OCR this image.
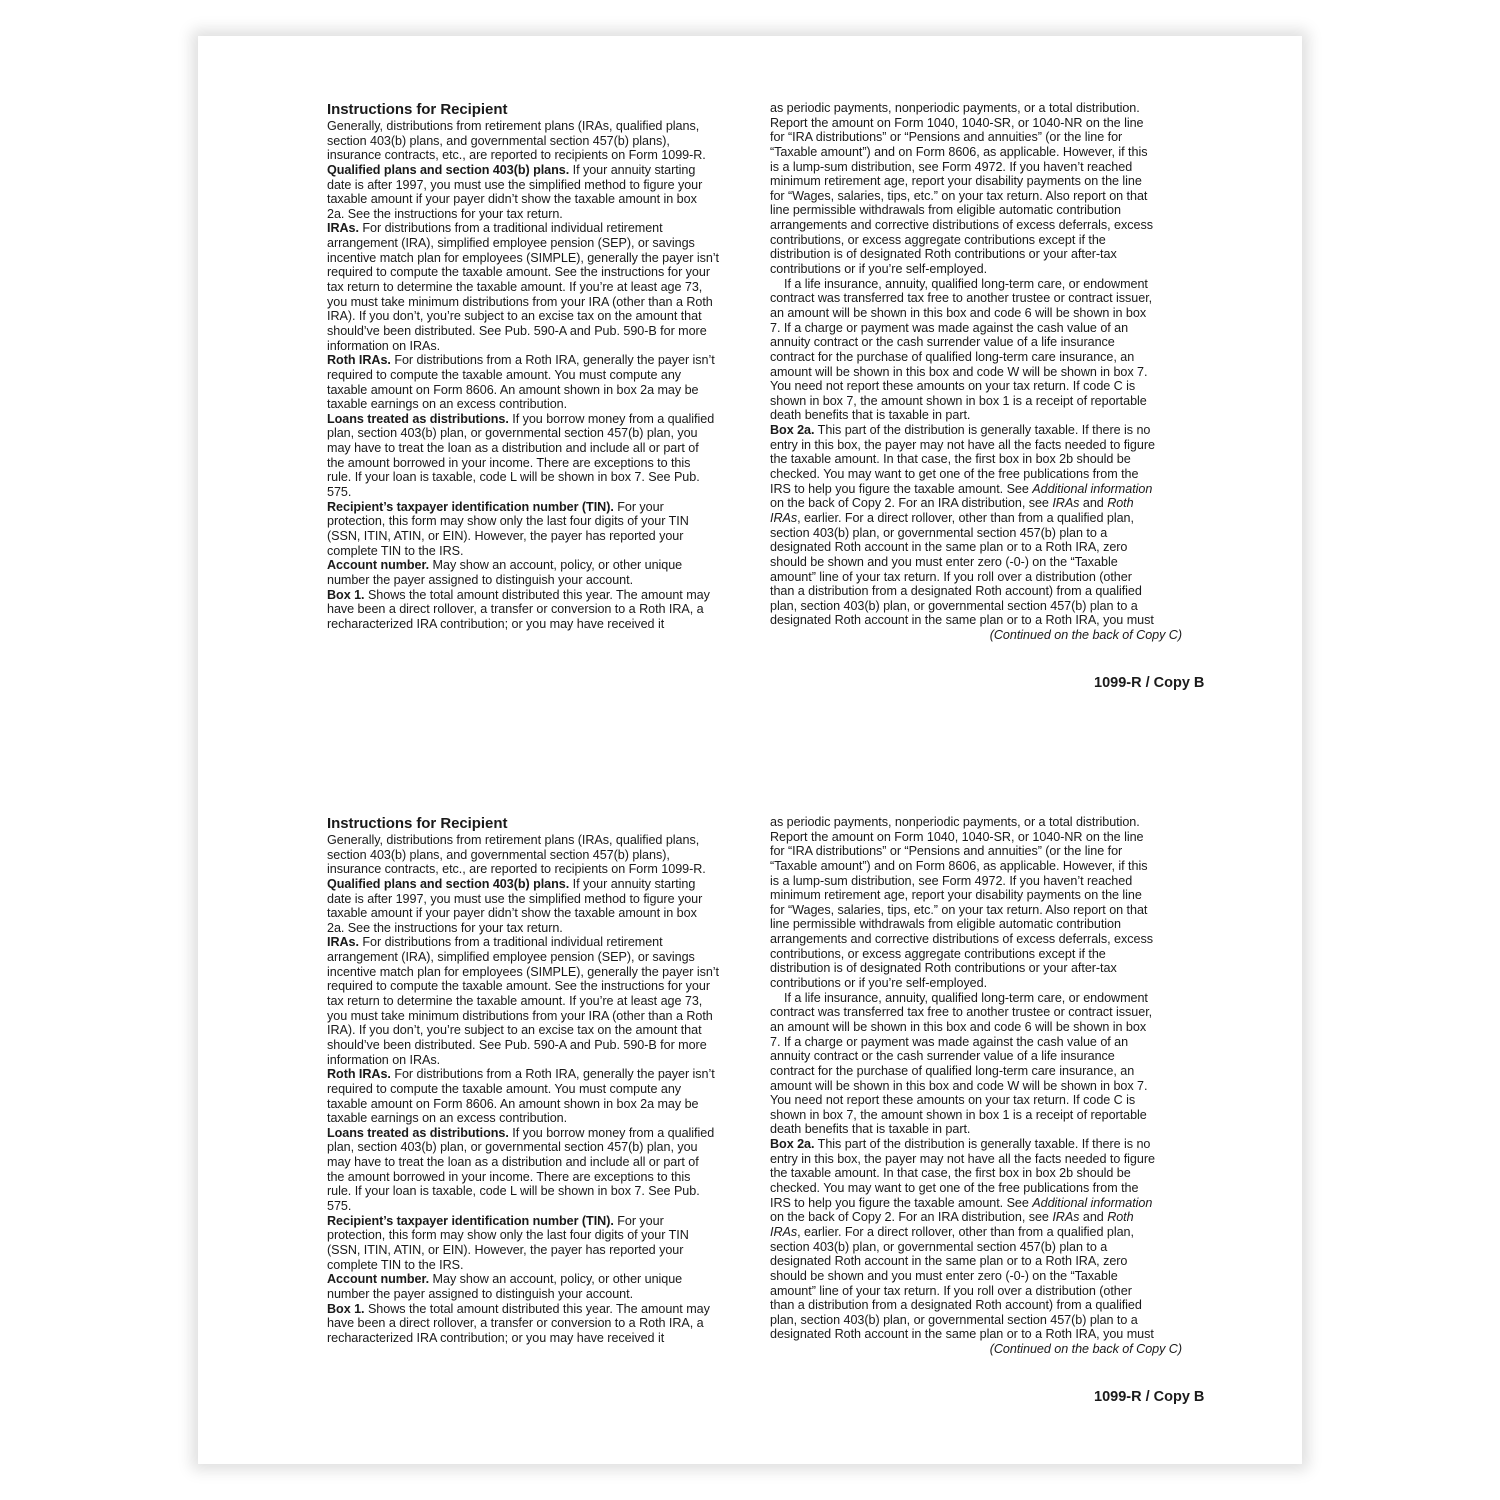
Instructions for Recipient
Generally, distributions from retirement plans (IRAs, qualified plans,
section 403(b) plans, and governmental section 457(b) plans),
insurance contracts, etc., are reported to recipients on Form 1099-R.
Qualified plans and section 403(b) plans. If your annuity starting
date is after 1997, you must use the simplified method to figure your
taxable amount if your payer didn’t show the taxable amount in box
2a. See the instructions for your tax return.
IRAs. For distributions from a traditional individual retirement
arrangement (IRA), simplified employee pension (SEP), or savings
incentive match plan for employees (SIMPLE), generally the payer isn’t
required to compute the taxable amount. See the instructions for your
tax return to determine the taxable amount. If you’re at least age 73,
you must take minimum distributions from your IRA (other than a Roth
IRA). If you don’t, you’re subject to an excise tax on the amount that
should’ve been distributed. See Pub. 590-A and Pub. 590-B for more
information on IRAs.
Roth IRAs. For distributions from a Roth IRA, generally the payer isn’t
required to compute the taxable amount. You must compute any
taxable amount on Form 8606. An amount shown in box 2a may be
taxable earnings on an excess contribution.
Loans treated as distributions. If you borrow money from a qualified
plan, section 403(b) plan, or governmental section 457(b) plan, you
may have to treat the loan as a distribution and include all or part of
the amount borrowed in your income. There are exceptions to this
rule. If your loan is taxable, code L will be shown in box 7. See Pub.
575.
Recipient’s taxpayer identification number (TIN). For your
protection, this form may show only the last four digits of your TIN
(SSN, ITIN, ATIN, or EIN). However, the payer has reported your
complete TIN to the IRS.
Account number. May show an account, policy, or other unique
number the payer assigned to distinguish your account.
Box 1. Shows the total amount distributed this year. The amount may
have been a direct rollover, a transfer or conversion to a Roth IRA, a
recharacterized IRA contribution; or you may have received it
as periodic payments, nonperiodic payments, or a total distribution.
Report the amount on Form 1040, 1040-SR, or 1040-NR on the line
for “IRA distributions” or “Pensions and annuities” (or the line for
“Taxable amount”) and on Form 8606, as applicable. However, if this
is a lump-sum distribution, see Form 4972. If you haven’t reached
minimum retirement age, report your disability payments on the line
for “Wages, salaries, tips, etc.” on your tax return. Also report on that
line permissible withdrawals from eligible automatic contribution
arrangements and corrective distributions of excess deferrals, excess
contributions, or excess aggregate contributions except if the
distribution is of designated Roth contributions or your after-tax
contributions or if you’re self-employed.
If a life insurance, annuity, qualified long-term care, or endowment
contract was transferred tax free to another trustee or contract issuer,
an amount will be shown in this box and code 6 will be shown in box
7. If a charge or payment was made against the cash value of an
annuity contract or the cash surrender value of a life insurance
contract for the purchase of qualified long-term care insurance, an
amount will be shown in this box and code W will be shown in box 7.
You need not report these amounts on your tax return. If code C is
shown in box 7, the amount shown in box 1 is a receipt of reportable
death benefits that is taxable in part.
Box 2a. This part of the distribution is generally taxable. If there is no
entry in this box, the payer may not have all the facts needed to figure
the taxable amount. In that case, the first box in box 2b should be
checked. You may want to get one of the free publications from the
IRS to help you figure the taxable amount. See Additional information
on the back of Copy 2. For an IRA distribution, see IRAs and Roth
IRAs, earlier. For a direct rollover, other than from a qualified plan,
section 403(b) plan, or governmental section 457(b) plan to a
designated Roth account in the same plan or to a Roth IRA, zero
should be shown and you must enter zero (-0-) on the “Taxable
amount” line of your tax return. If you roll over a distribution (other
than a distribution from a designated Roth account) from a qualified
plan, section 403(b) plan, or governmental section 457(b) plan to a
designated Roth account in the same plan or to a Roth IRA, you must
(Continued on the back of Copy C)
1099-R / Copy B
Instructions for Recipient
Generally, distributions from retirement plans (IRAs, qualified plans,
section 403(b) plans, and governmental section 457(b) plans),
insurance contracts, etc., are reported to recipients on Form 1099-R.
Qualified plans and section 403(b) plans. If your annuity starting
date is after 1997, you must use the simplified method to figure your
taxable amount if your payer didn’t show the taxable amount in box
2a. See the instructions for your tax return.
IRAs. For distributions from a traditional individual retirement
arrangement (IRA), simplified employee pension (SEP), or savings
incentive match plan for employees (SIMPLE), generally the payer isn’t
required to compute the taxable amount. See the instructions for your
tax return to determine the taxable amount. If you’re at least age 73,
you must take minimum distributions from your IRA (other than a Roth
IRA). If you don’t, you’re subject to an excise tax on the amount that
should’ve been distributed. See Pub. 590-A and Pub. 590-B for more
information on IRAs.
Roth IRAs. For distributions from a Roth IRA, generally the payer isn’t
required to compute the taxable amount. You must compute any
taxable amount on Form 8606. An amount shown in box 2a may be
taxable earnings on an excess contribution.
Loans treated as distributions. If you borrow money from a qualified
plan, section 403(b) plan, or governmental section 457(b) plan, you
may have to treat the loan as a distribution and include all or part of
the amount borrowed in your income. There are exceptions to this
rule. If your loan is taxable, code L will be shown in box 7. See Pub.
575.
Recipient’s taxpayer identification number (TIN). For your
protection, this form may show only the last four digits of your TIN
(SSN, ITIN, ATIN, or EIN). However, the payer has reported your
complete TIN to the IRS.
Account number. May show an account, policy, or other unique
number the payer assigned to distinguish your account.
Box 1. Shows the total amount distributed this year. The amount may
have been a direct rollover, a transfer or conversion to a Roth IRA, a
recharacterized IRA contribution; or you may have received it
as periodic payments, nonperiodic payments, or a total distribution.
Report the amount on Form 1040, 1040-SR, or 1040-NR on the line
for “IRA distributions” or “Pensions and annuities” (or the line for
“Taxable amount”) and on Form 8606, as applicable. However, if this
is a lump-sum distribution, see Form 4972. If you haven’t reached
minimum retirement age, report your disability payments on the line
for “Wages, salaries, tips, etc.” on your tax return. Also report on that
line permissible withdrawals from eligible automatic contribution
arrangements and corrective distributions of excess deferrals, excess
contributions, or excess aggregate contributions except if the
distribution is of designated Roth contributions or your after-tax
contributions or if you’re self-employed.
If a life insurance, annuity, qualified long-term care, or endowment
contract was transferred tax free to another trustee or contract issuer,
an amount will be shown in this box and code 6 will be shown in box
7. If a charge or payment was made against the cash value of an
annuity contract or the cash surrender value of a life insurance
contract for the purchase of qualified long-term care insurance, an
amount will be shown in this box and code W will be shown in box 7.
You need not report these amounts on your tax return. If code C is
shown in box 7, the amount shown in box 1 is a receipt of reportable
death benefits that is taxable in part.
Box 2a. This part of the distribution is generally taxable. If there is no
entry in this box, the payer may not have all the facts needed to figure
the taxable amount. In that case, the first box in box 2b should be
checked. You may want to get one of the free publications from the
IRS to help you figure the taxable amount. See Additional information
on the back of Copy 2. For an IRA distribution, see IRAs and Roth
IRAs, earlier. For a direct rollover, other than from a qualified plan,
section 403(b) plan, or governmental section 457(b) plan to a
designated Roth account in the same plan or to a Roth IRA, zero
should be shown and you must enter zero (-0-) on the “Taxable
amount” line of your tax return. If you roll over a distribution (other
than a distribution from a designated Roth account) from a qualified
plan, section 403(b) plan, or governmental section 457(b) plan to a
designated Roth account in the same plan or to a Roth IRA, you must
(Continued on the back of Copy C)
1099-R / Copy B
